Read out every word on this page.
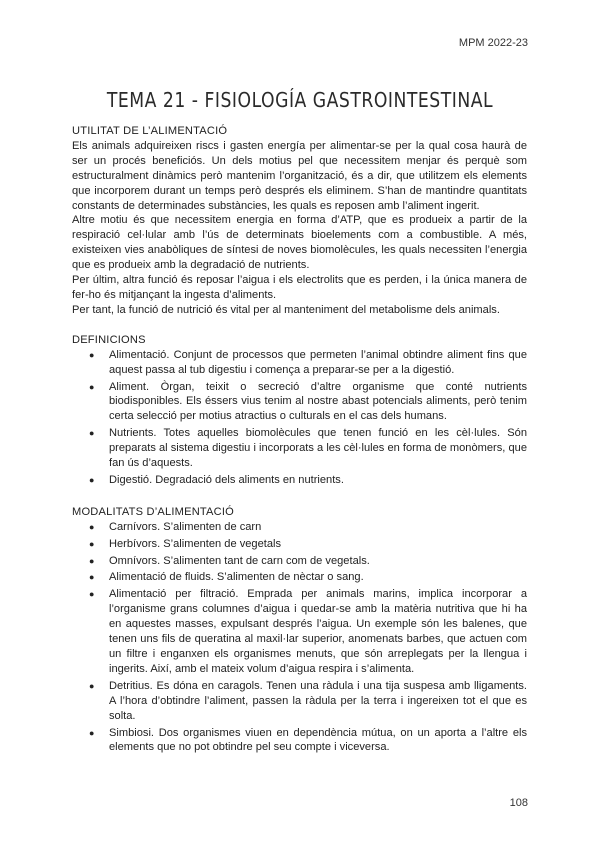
MPM 2022-23
TEMA 21 - FISIOLOGÍA GASTROINTESTINAL
UTILITAT DE L’ALIMENTACIÓ

Els animals adquireixen riscs i gasten energía per alimentar-se per la qual cosa haurà de ser un procés beneficiós. Un dels motius pel que necessitem menjar és perquè som estructuralment dinàmics però mantenim l’organització, és a dir, que utilitzem els elements que incorporem durant un temps però després els eliminem. S’han de mantindre quantitats constants de determinades substàncies, les quals es reposen amb l’aliment ingerit.

Altre motiu és que necessitem energia en forma d’ATP, que es produeix a partir de la respiració cel·lular amb l’ús de determinats bioelements com a combustible. A més, existeixen vies anabòliques de síntesi de noves biomolècules, les quals necessiten l’energia que es produeix amb la degradació de nutrients.

Per últim, altra funció és reposar l’aigua i els electrolits que es perden, i la única manera de fer-ho és mitjançant la ingesta d’aliments.

Per tant, la funció de nutrició és vital per al manteniment del metabolisme dels animals.

DEFINICIONS
● Alimentació. Conjunt de processos que permeten l’animal obtindre aliment fins que aquest passa al tub digestiu i comença a preparar-se per a la digestió.
● Aliment. Òrgan, teixit o secreció d’altre organisme que conté nutrients biodisponibles. Els éssers vius tenim al nostre abast potencials aliments, però tenim certa selecció per motius atractius o culturals en el cas dels humans.
● Nutrients. Totes aquelles biomolècules que tenen funció en les cèl·lules. Són preparats al sistema digestiu i incorporats a les cèl·lules en forma de monòmers, que fan ús d’aquests.
● Digestió. Degradació dels aliments en nutrients.
MODALITATS D’ALIMENTACIÓ
● Carnívors. S’alimenten de carn
● Herbívors. S’alimenten de vegetals
● Omnívors. S’alimenten tant de carn com de vegetals.
● Alimentació de fluids. S’alimenten de nèctar o sang.
● Alimentació per filtració. Emprada per animals marins, implica incorporar a l’organisme grans columnes d’aigua i quedar-se amb la matèria nutritiva que hi ha en aquestes masses, expulsant després l’aigua. Un exemple són les balenes, que tenen uns fils de queratina al maxil·lar superior, anomenats barbes, que actuen com un filtre i enganxen els organismes menuts, que són arreplegats per la llengua i ingerits. Així, amb el mateix volum d’aigua respira i s’alimenta.
● Detritius. Es dóna en caragols. Tenen una ràdula i una tija suspesa amb lligaments. A l’hora d’obtindre l’aliment, passen la ràdula per la terra i ingereixen tot el que es solta.
● Simbiosi. Dos organismes viuen en dependència mútua, on un aporta a l’altre els elements que no pot obtindre pel seu compte i viceversa.
108
